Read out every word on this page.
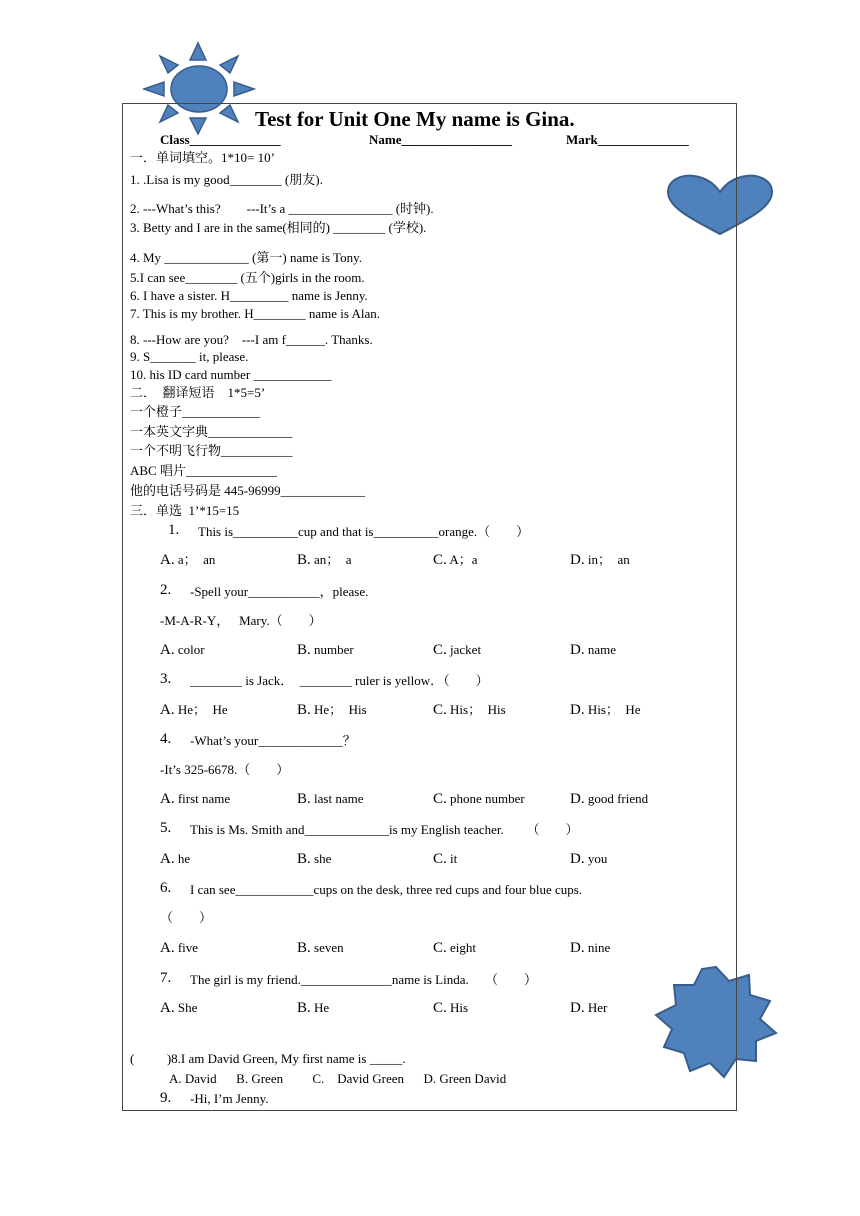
Test for Unit One My name is Gina.
Class______________	Name_________________	Mark______________
一．单词填空。1*10= 10’
1. .Lisa is my good________ (朋友).
2. ---What’s this?        ---It’s a ________________ (时钟).
3. Betty and I are in the same(相同的) ________ (学校).
4. My _____________ (第一) name is Tony.
5.I can see________ (五个)girls in the room.
6. I have a sister. H_________ name is Jenny.
7. This is my brother. H________ name is Alan.
8. ---How are you?    ---I am f______. Thanks.
9. S_______ it, please.
10. his ID card number ____________
二．  翻译短语    1*5=5’
一个橙子____________
一本英文字典_____________
一个不明飞行物___________
ABC 唱片______________
他的电话号码是 445-96999_____________
三．单选  1’*15=15
1. This is__________cup and that is__________orange.（        ）
A. a；  an	B. an；  a	C. A；a	D. in；  an
2. -Spell your___________，please.
-M-A-R-Y，   Mary.（        ）
A. color	B. number	C. jacket	D. name
3. ________ is Jack．  ________ ruler is yellow．（        ）
A. He；  He	B. He；  His	C. His；  His	D. His；  He
4. -What’s your_____________？
-It’s 325-6678.（        ）
A. first name	B. last name	C. phone number	D. good friend
5. This is Ms. Smith and_____________is my English teacher.       （        ）
A. he	B. she	C. it	D. you
6. I can see____________cups on the desk, three red cups and four blue cups.
（        ）
A. five	B. seven	C. eight	D. nine
7. The girl is my friend.______________name is Linda.     （        ）
A. She	B. He	C. His	D. Her
(          )8.I am David Green, My first name is _____.
A. David      B. Green         C.    David Green      D. Green David
9. -Hi, I’m Jenny.
